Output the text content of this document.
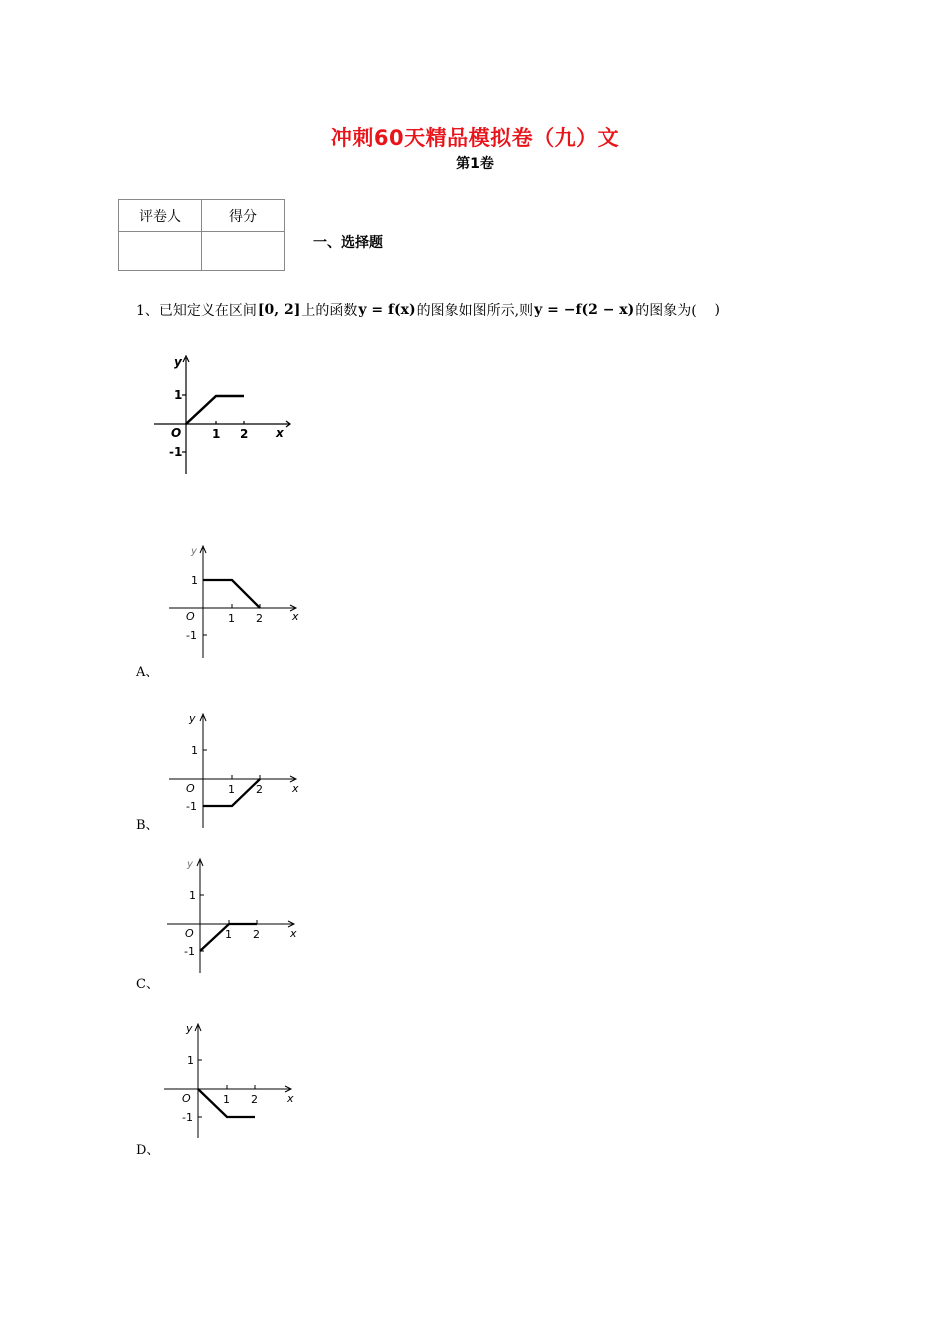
冲刺60天精品模拟卷（九）文
第1卷
评卷人	得分

一、选择题
1、已知定义在区间 [0, 2] 上的函数 y = f(x) 的图象如图所示,则 y = −f(2 − x) 的图象为( )
y
x
O	1 2
1
-1
y
x
O	1 2
1
-1
A、
y
x
O	1 2
1
-1
B、
y
x
O	1 2
1
-1
C、
y
x
O	1 2
1
-1
D、
